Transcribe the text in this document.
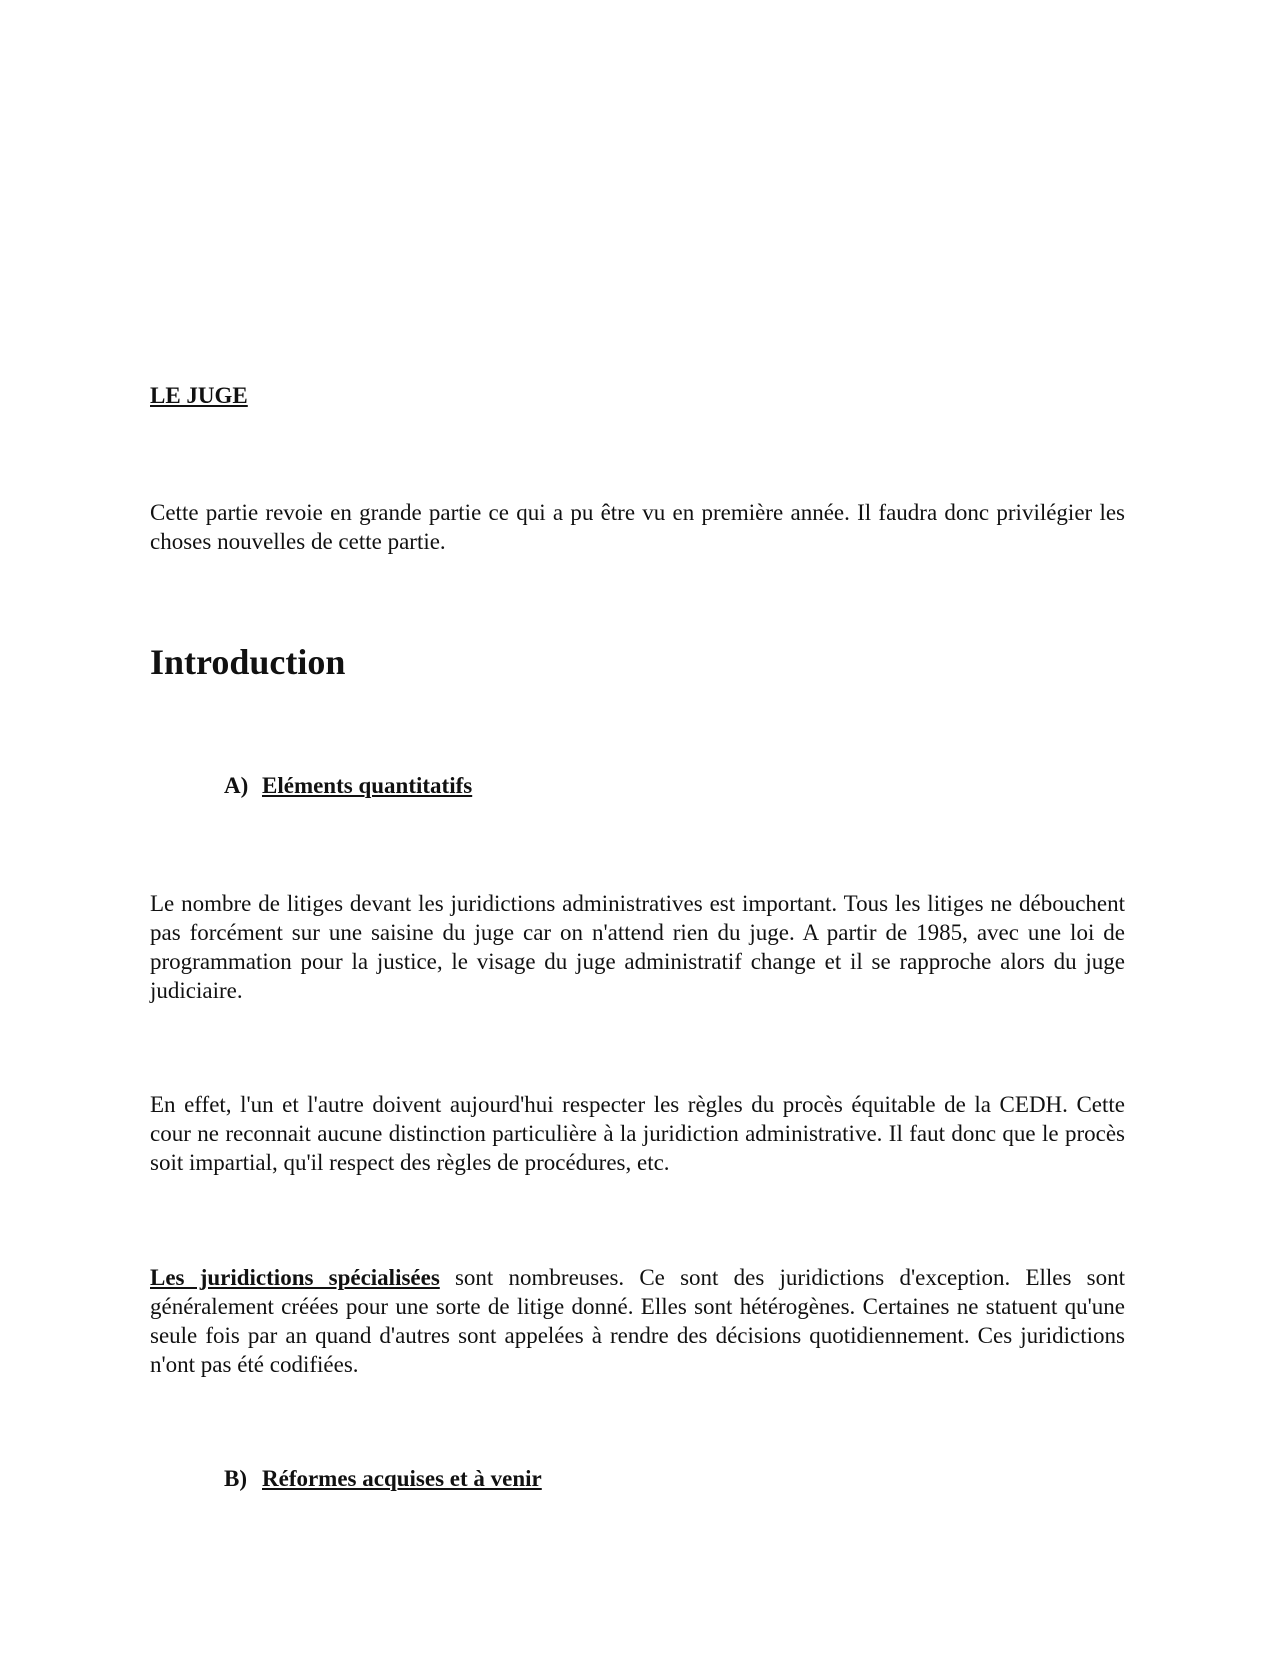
LE JUGE
Cette partie revoie en grande partie ce qui a pu être vu en première année. Il faudra donc privilégier les choses nouvelles de cette partie.
Introduction
A) Eléments quantitatifs
Le nombre de litiges devant les juridictions administratives est important. Tous les litiges ne débouchent pas forcément sur une saisine du juge car on n'attend rien du juge. A partir de 1985, avec une loi de programmation pour la justice, le visage du juge administratif change et il se rapproche alors du juge judiciaire.
En effet, l'un et l'autre doivent aujourd'hui respecter les règles du procès équitable de la CEDH. Cette cour ne reconnait aucune distinction particulière à la juridiction administrative. Il faut donc que le procès soit impartial, qu'il respect des règles de procédures, etc.
Les juridictions spécialisées sont nombreuses. Ce sont des juridictions d'exception. Elles sont généralement créées pour une sorte de litige donné. Elles sont hétérogènes. Certaines ne statuent qu'une seule fois par an quand d'autres sont appelées à rendre des décisions quotidiennement. Ces juridictions n'ont pas été codifiées.
B) Réformes acquises et à venir
